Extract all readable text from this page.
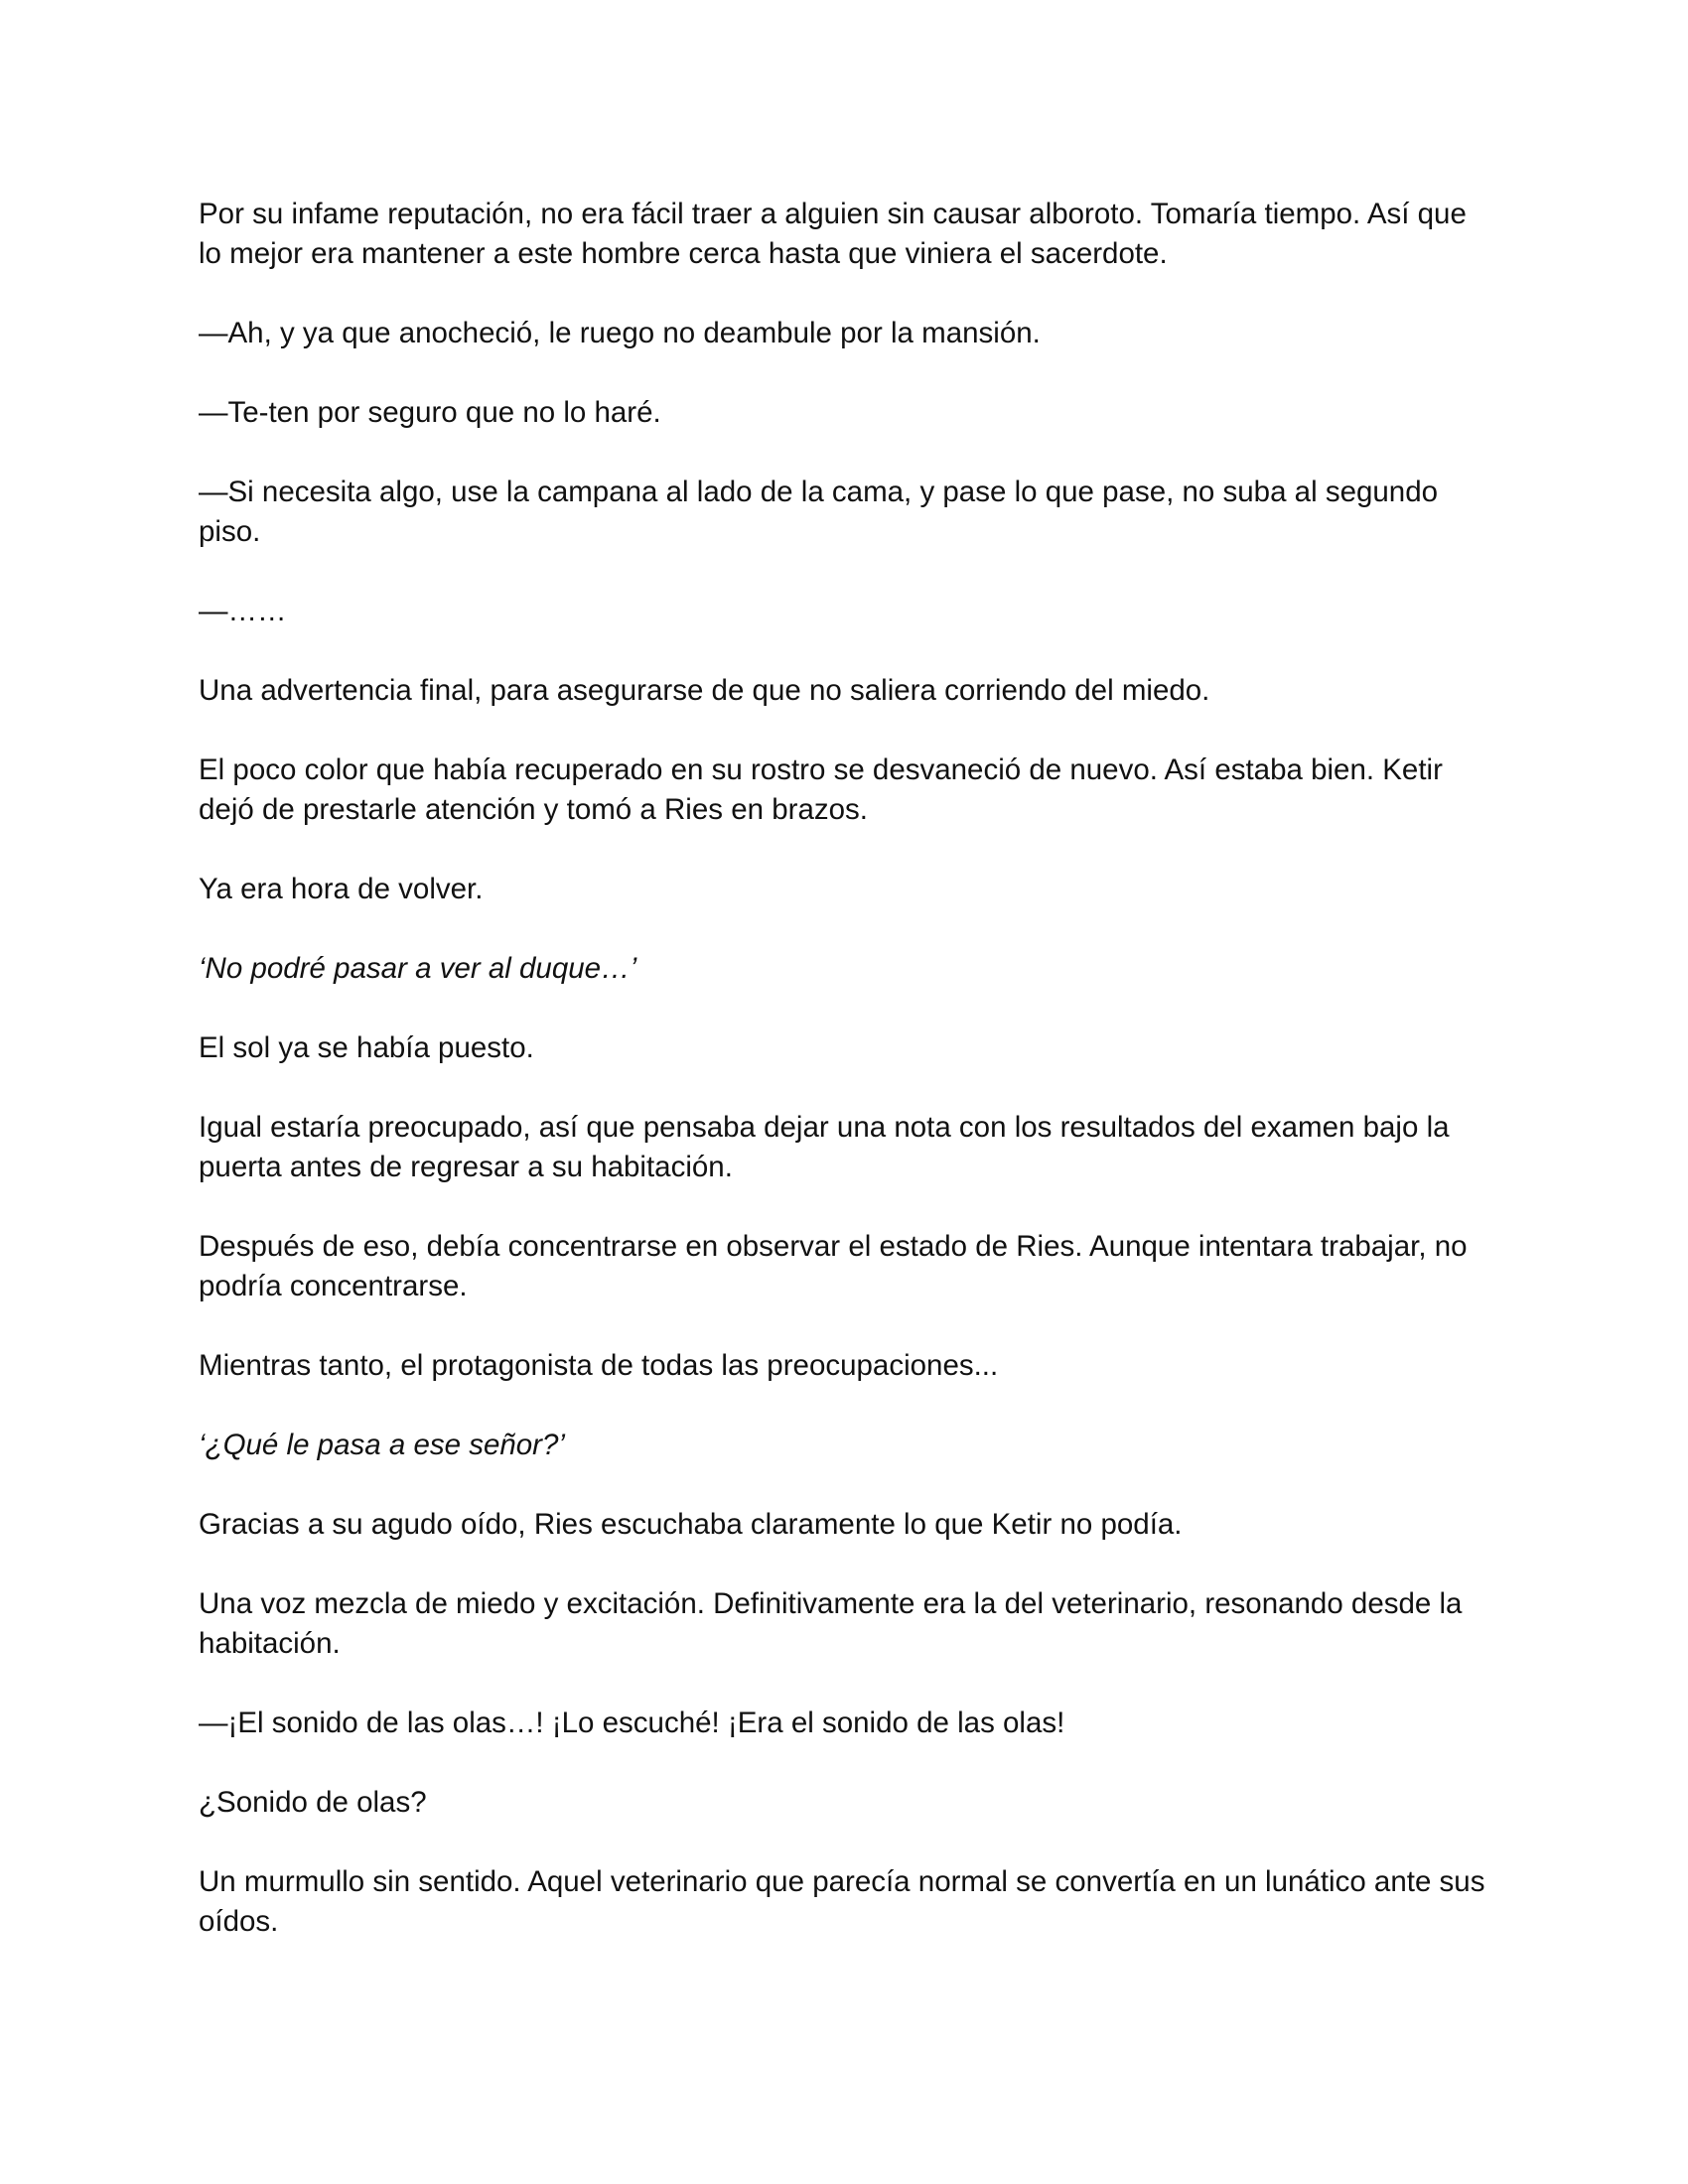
Por su infame reputación, no era fácil traer a alguien sin causar alboroto. Tomaría tiempo. Así que lo mejor era mantener a este hombre cerca hasta que viniera el sacerdote.

—Ah, y ya que anocheció, le ruego no deambule por la mansión.

—Te-ten por seguro que no lo haré.

—Si necesita algo, use la campana al lado de la cama, y pase lo que pase, no suba al segundo piso.

—……

Una advertencia final, para asegurarse de que no saliera corriendo del miedo.

El poco color que había recuperado en su rostro se desvaneció de nuevo. Así estaba bien. Ketir dejó de prestarle atención y tomó a Ries en brazos.

Ya era hora de volver.

‘No podré pasar a ver al duque…’

El sol ya se había puesto.

Igual estaría preocupado, así que pensaba dejar una nota con los resultados del examen bajo la puerta antes de regresar a su habitación.

Después de eso, debía concentrarse en observar el estado de Ries. Aunque intentara trabajar, no podría concentrarse.

Mientras tanto, el protagonista de todas las preocupaciones...

‘¿Qué le pasa a ese señor?’

Gracias a su agudo oído, Ries escuchaba claramente lo que Ketir no podía.

Una voz mezcla de miedo y excitación. Definitivamente era la del veterinario, resonando desde la habitación.

—¡El sonido de las olas…! ¡Lo escuché! ¡Era el sonido de las olas!

¿Sonido de olas?

Un murmullo sin sentido. Aquel veterinario que parecía normal se convertía en un lunático ante sus oídos.
